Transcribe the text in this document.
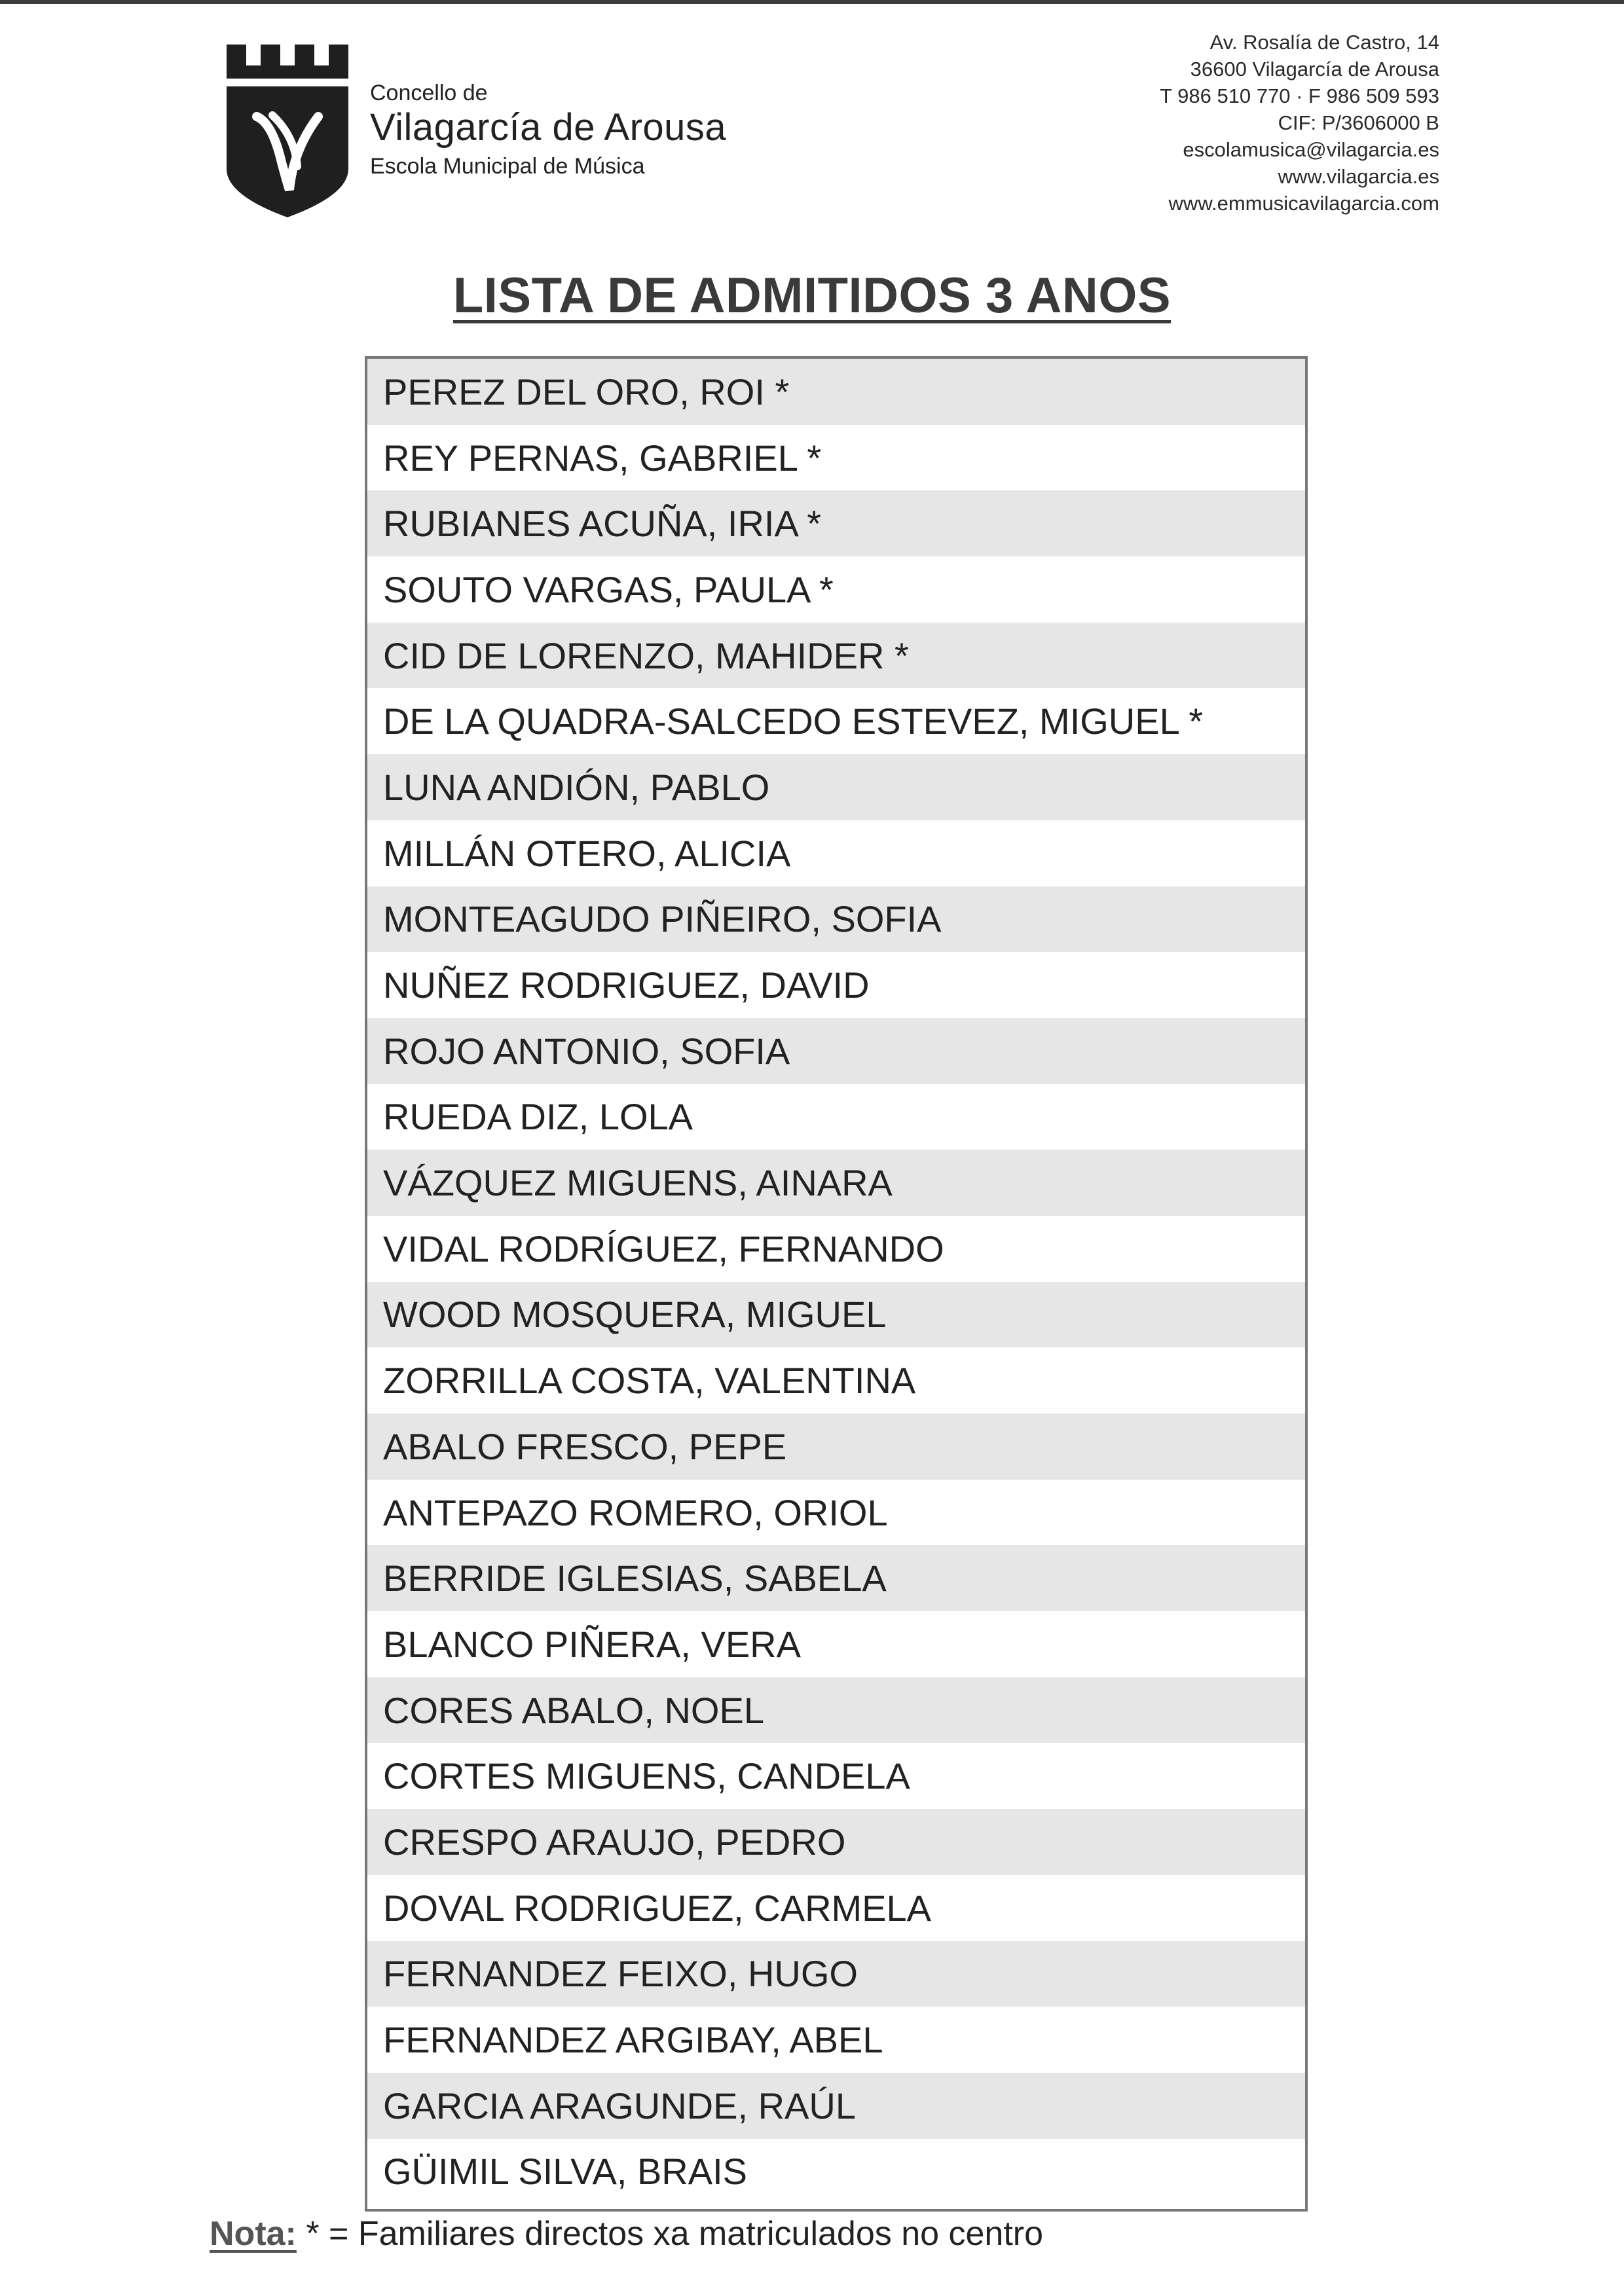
Concello de
Vilagarcía de Arousa
Escola Municipal de Música
Av. Rosalía de Castro, 14
36600 Vilagarcía de Arousa
T 986 510 770 · F 986 509 593
CIF: P/3606000 B
escolamusica@vilagarcia.es
www.vilagarcia.es
www.emmusicavilagarcia.com
LISTA DE ADMITIDOS 3 ANOS
PEREZ DEL ORO, ROI *
REY PERNAS, GABRIEL *
RUBIANES ACUÑA, IRIA *
SOUTO VARGAS, PAULA *
CID DE LORENZO, MAHIDER *
DE LA QUADRA-SALCEDO ESTEVEZ, MIGUEL *
LUNA ANDIÓN, PABLO
MILLÁN OTERO, ALICIA
MONTEAGUDO PIÑEIRO, SOFIA
NUÑEZ RODRIGUEZ, DAVID
ROJO ANTONIO, SOFIA
RUEDA DIZ, LOLA
VÁZQUEZ MIGUENS, AINARA
VIDAL RODRÍGUEZ, FERNANDO
WOOD MOSQUERA, MIGUEL
ZORRILLA COSTA, VALENTINA
ABALO FRESCO, PEPE
ANTEPAZO ROMERO, ORIOL
BERRIDE IGLESIAS, SABELA
BLANCO PIÑERA, VERA
CORES ABALO, NOEL
CORTES MIGUENS, CANDELA
CRESPO ARAUJO, PEDRO
DOVAL RODRIGUEZ, CARMELA
FERNANDEZ FEIXO, HUGO
FERNANDEZ ARGIBAY, ABEL
GARCIA ARAGUNDE, RAÚL
GÜIMIL SILVA, BRAIS
Nota: * = Familiares directos xa matriculados no centro
